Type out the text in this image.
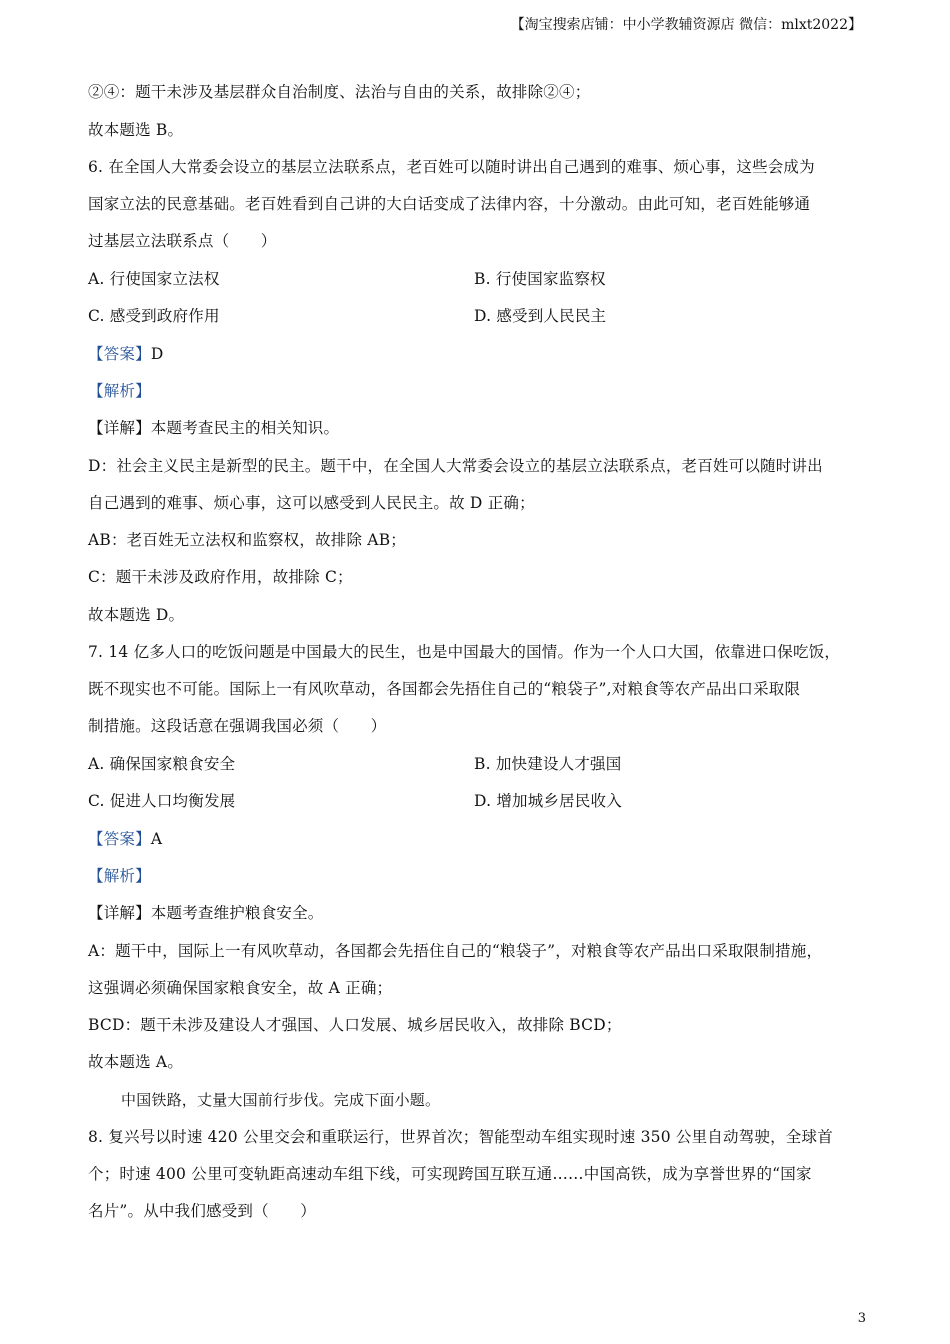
【淘宝搜索店铺：中小学教辅资源店 微信：mlxt2022】
②④：题干未涉及基层群众自治制度、法治与自由的关系，故排除②④；
故本题选 B。
6. 在全国人大常委会设立的基层立法联系点，老百姓可以随时讲出自己遇到的难事、烦心事，这些会成为
国家立法的民意基础。老百姓看到自己讲的大白话变成了法律内容，十分激动。由此可知，老百姓能够通
过基层立法联系点（　　）
A. 行使国家立法权	B. 行使国家监察权
C. 感受到政府作用	D. 感受到人民民主
【答案】D
【解析】
【详解】本题考查民主的相关知识。
D：社会主义民主是新型的民主。题干中，在全国人大常委会设立的基层立法联系点，老百姓可以随时讲出
自己遇到的难事、烦心事，这可以感受到人民民主。故 D 正确；
AB：老百姓无立法权和监察权，故排除 AB；
C：题干未涉及政府作用，故排除 C；
故本题选 D。
7. 14 亿多人口的吃饭问题是中国最大的民生，也是中国最大的国情。作为一个人口大国，依靠进口保吃饭，
既不现实也不可能。国际上一有风吹草动，各国都会先捂住自己的“粮袋子”,对粮食等农产品出口采取限
制措施。这段话意在强调我国必须（　　）
A. 确保国家粮食安全	B. 加快建设人才强国
C. 促进人口均衡发展	D. 增加城乡居民收入
【答案】A
【解析】
【详解】本题考查维护粮食安全。
A：题干中，国际上一有风吹草动，各国都会先捂住自己的“粮袋子”，对粮食等农产品出口采取限制措施，
这强调必须确保国家粮食安全，故 A 正确；
BCD：题干未涉及建设人才强国、人口发展、城乡居民收入，故排除 BCD；
故本题选 A。
中国铁路，丈量大国前行步伐。完成下面小题。
8. 复兴号以时速 420 公里交会和重联运行，世界首次；智能型动车组实现时速 350 公里自动驾驶，全球首
个；时速 400 公里可变轨距高速动车组下线，可实现跨国互联互通……中国高铁，成为享誉世界的“国家
名片”。从中我们感受到（　　）
3
